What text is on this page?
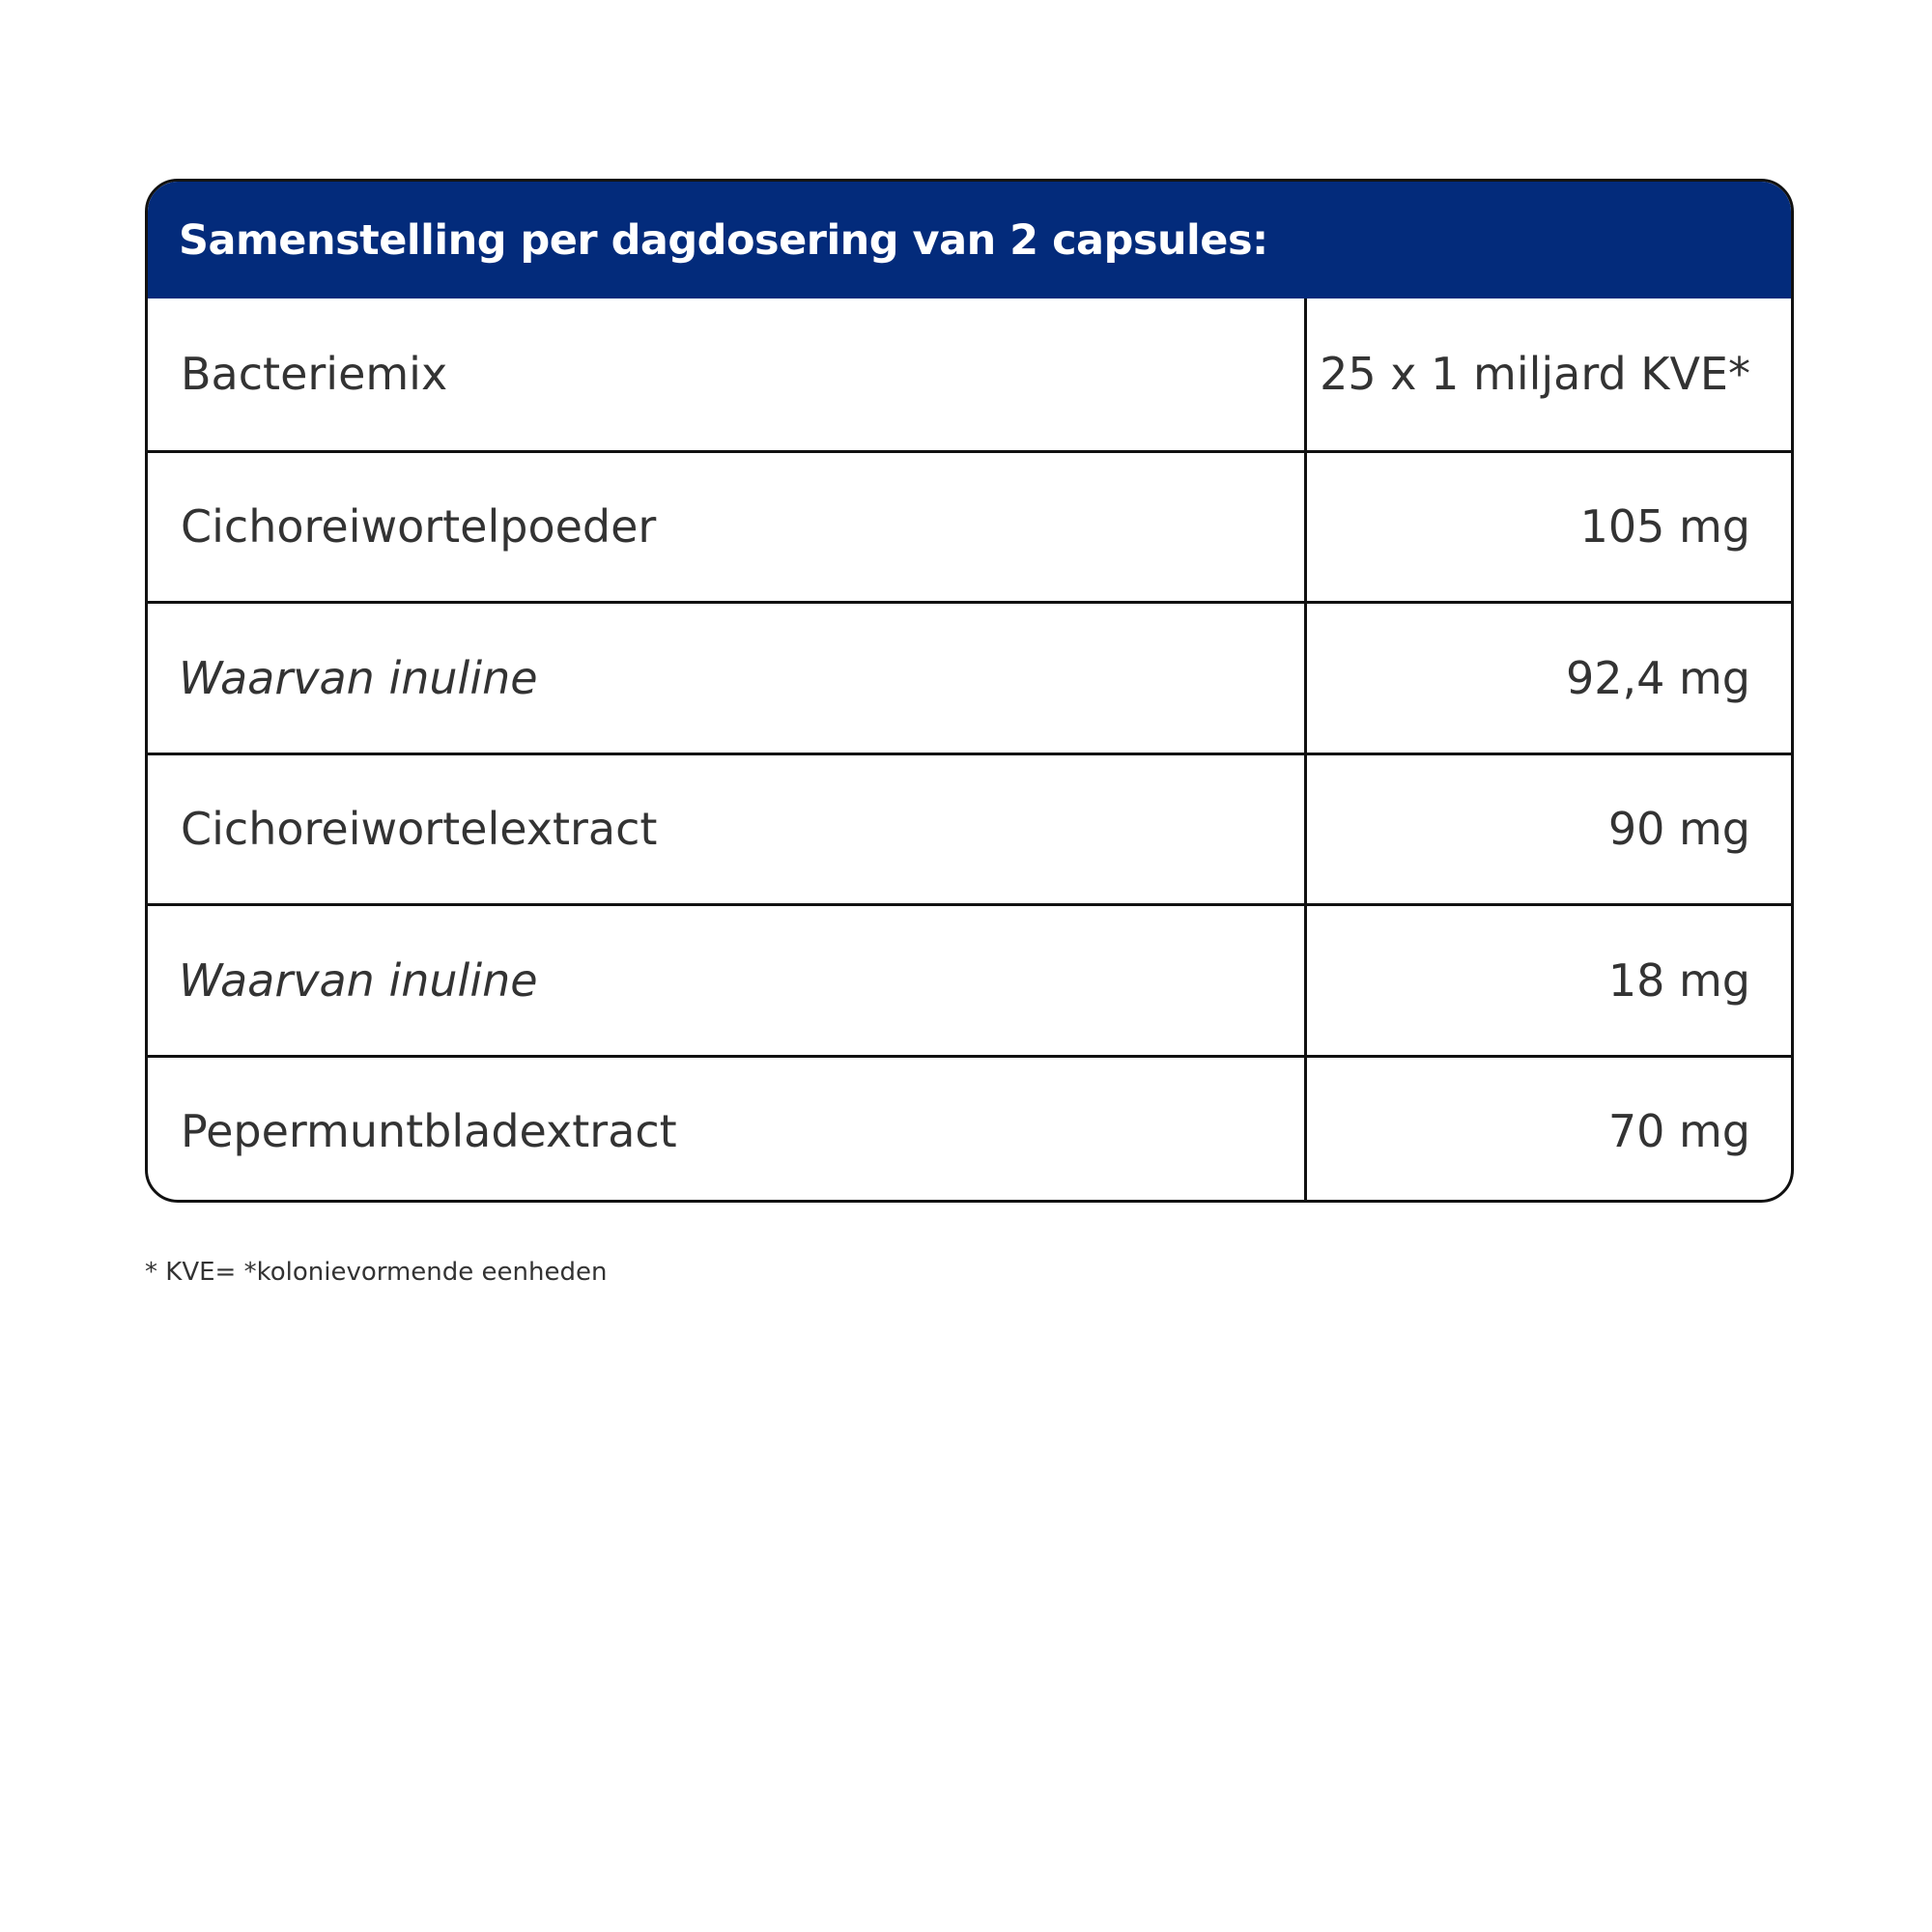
Samenstelling per dagdosering van 2 capsules:
Bacteriemix	25 x 1 miljard KVE*
Cichoreiwortelpoeder	105 mg
Waarvan inuline	92,4 mg
Cichoreiwortelextract	90 mg
Waarvan inuline	18 mg
Pepermuntbladextract	70 mg
* KVE= *kolonievormende eenheden
